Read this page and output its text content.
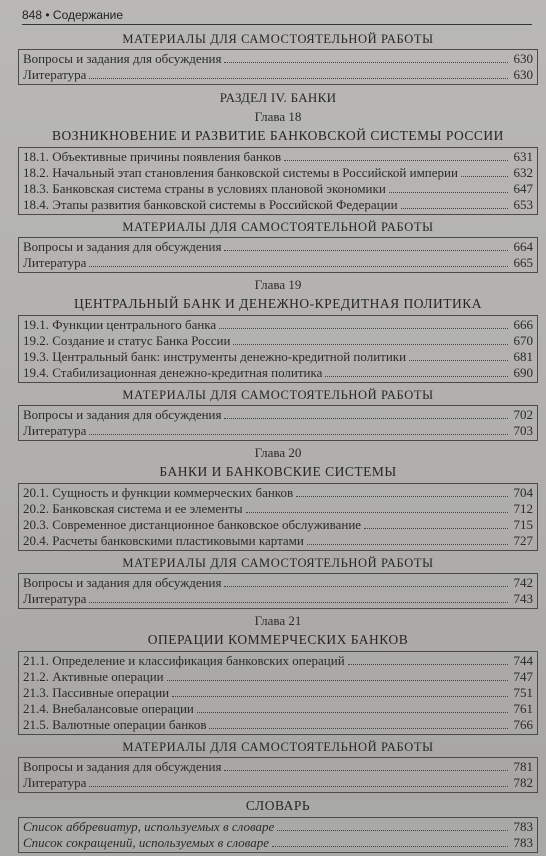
848 • Содержание
МАТЕРИАЛЫ ДЛЯ САМОСТОЯТЕЛЬНОЙ РАБОТЫ
Вопросы и задания для обсуждения	630
Литература	630
РАЗДЕЛ IV. БАНКИ
Глава 18
ВОЗНИКНОВЕНИЕ И РАЗВИТИЕ БАНКОВСКОЙ СИСТЕМЫ РОССИИ
18.1. Объективные причины появления банков	631
18.2. Начальный этап становления банковской системы в Российской империи	632
18.3. Банковская система страны в условиях плановой экономики	647
18.4. Этапы развития банковской системы в Российской Федерации	653
МАТЕРИАЛЫ ДЛЯ САМОСТОЯТЕЛЬНОЙ РАБОТЫ
Вопросы и задания для обсуждения	664
Литература	665
Глава 19
ЦЕНТРАЛЬНЫЙ БАНК И ДЕНЕЖНО-КРЕДИТНАЯ ПОЛИТИКА
19.1. Функции центрального банка	666
19.2. Создание и статус Банка России	670
19.3. Центральный банк: инструменты денежно-кредитной политики	681
19.4. Стабилизационная денежно-кредитная политика	690
МАТЕРИАЛЫ ДЛЯ САМОСТОЯТЕЛЬНОЙ РАБОТЫ
Вопросы и задания для обсуждения	702
Литература	703
Глава 20
БАНКИ И БАНКОВСКИЕ СИСТЕМЫ
20.1. Сущность и функции коммерческих банков	704
20.2. Банковская система и ее элементы	712
20.3. Современное дистанционное банковское обслуживание	715
20.4. Расчеты банковскими пластиковыми картами	727
МАТЕРИАЛЫ ДЛЯ САМОСТОЯТЕЛЬНОЙ РАБОТЫ
Вопросы и задания для обсуждения	742
Литература	743
Глава 21
ОПЕРАЦИИ КОММЕРЧЕСКИХ БАНКОВ
21.1. Определение и классификация банковских операций	744
21.2. Активные операции	747
21.3. Пассивные операции	751
21.4. Внебалансовые операции	761
21.5. Валютные операции банков	766
МАТЕРИАЛЫ ДЛЯ САМОСТОЯТЕЛЬНОЙ РАБОТЫ
Вопросы и задания для обсуждения	781
Литература	782
СЛОВАРЬ
Список аббревиатур, используемых в словаре	783
Список сокращений, используемых в словаре	783
